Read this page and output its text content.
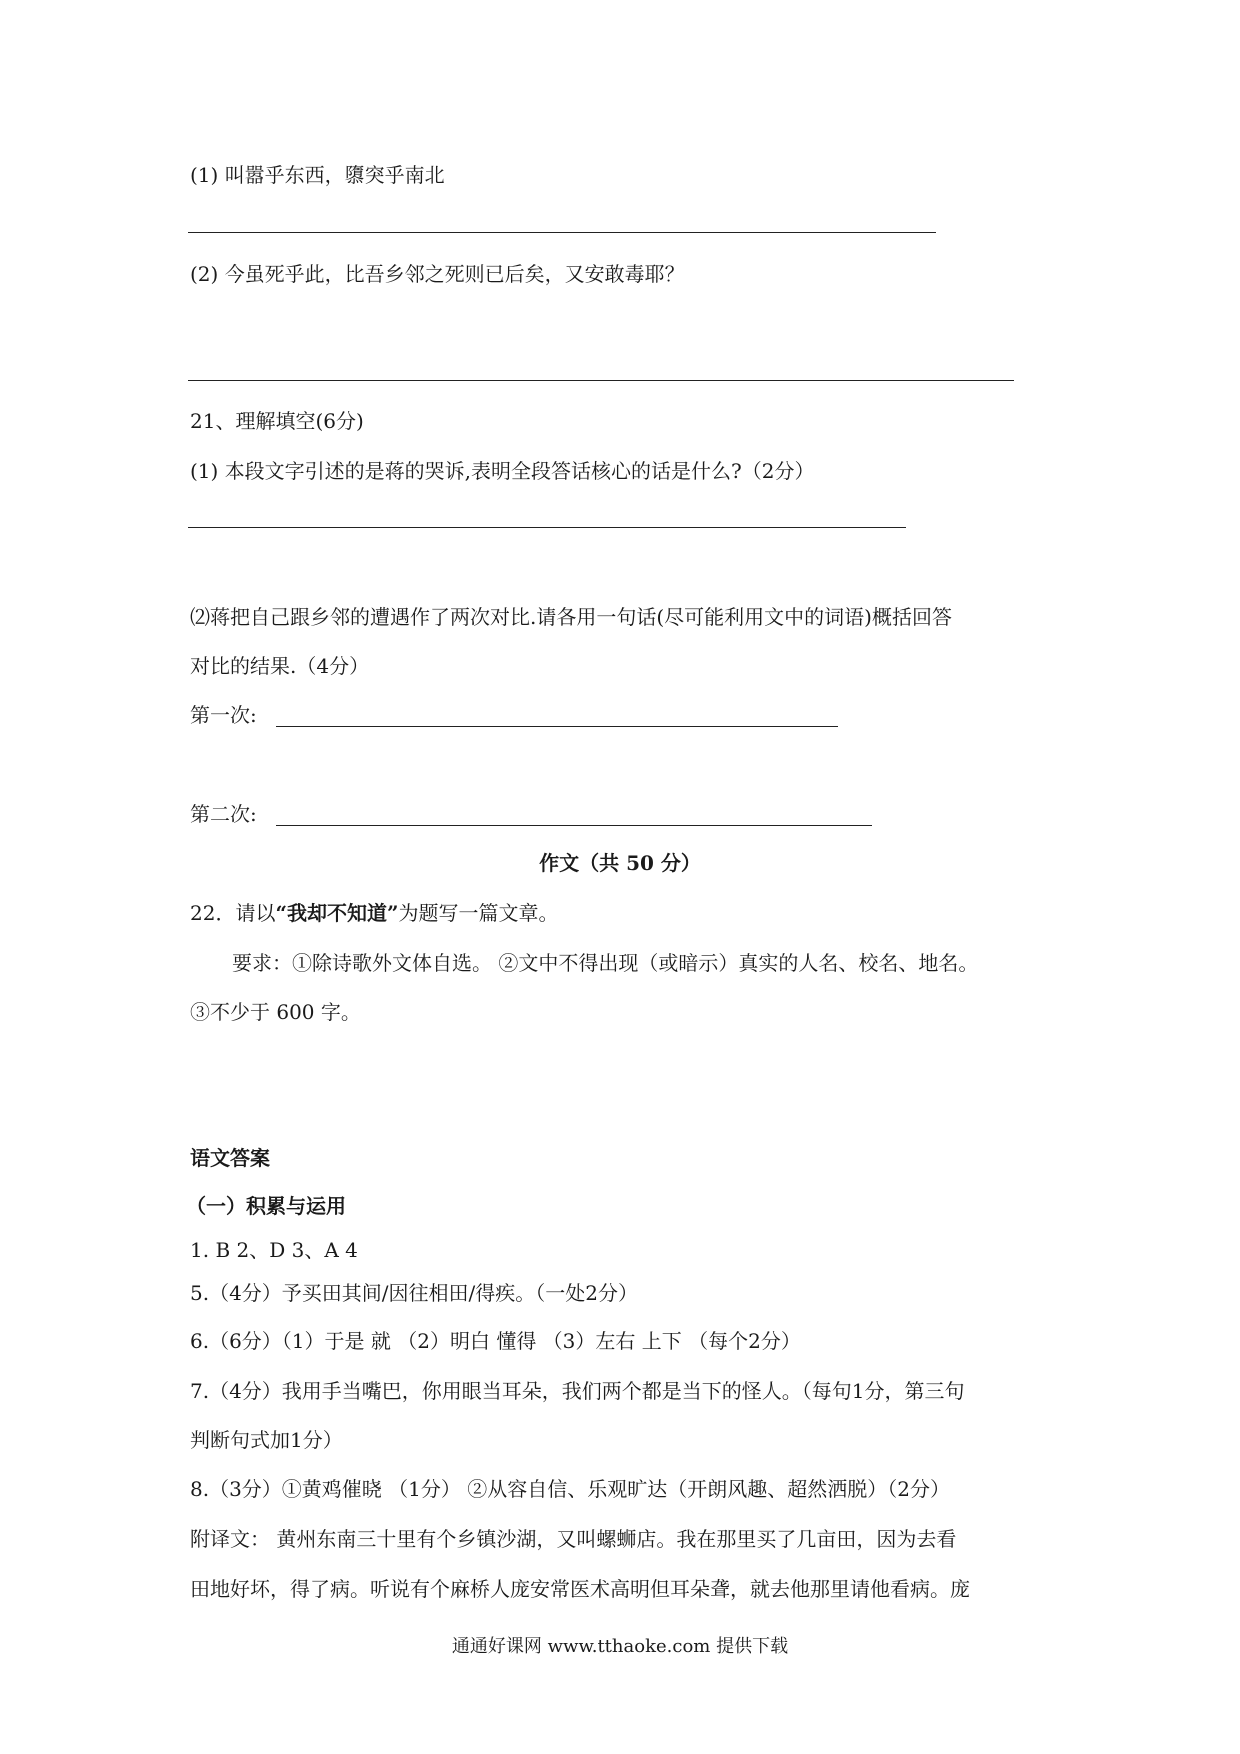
(1) 叫嚣乎东西，隳突乎南北
(2) 今虽死乎此，比吾乡邻之死则已后矣，又安敢毒耶？
21、理解填空(6分)
(1) 本段文字引述的是蒋的哭诉,表明全段答话核心的话是什么?（2分）
⑵蒋把自己跟乡邻的遭遇作了两次对比.请各用一句话(尽可能利用文中的词语)概括回答
对比的结果.（4分）
第一次:
第二次:
作文（共 50 分）
22．请以“我却不知道”为题写一篇文章。
要求：①除诗歌外文体自选。 ②文中不得出现（或暗示）真实的人名、校名、地名。
③不少于 600 字。
语文答案
（一）积累与运用
1. B 2、D 3、A 4
5.（4分）予买田其间/因往相田/得疾。（一处2分）
6.（6分）（1）于是 就 （2）明白 懂得 （3）左右 上下 （每个2分）
7.（4分）我用手当嘴巴，你用眼当耳朵，我们两个都是当下的怪人。（每句1分，第三句
判断句式加1分）
8.（3分）①黄鸡催晓 （1分） ②从容自信、乐观旷达（开朗风趣、超然洒脱）（2分）
附译文： 黄州东南三十里有个乡镇沙湖，又叫螺蛳店。我在那里买了几亩田，因为去看
田地好坏，得了病。听说有个麻桥人庞安常医术高明但耳朵聋，就去他那里请他看病。庞
通通好课网 www.tthaoke.com 提供下载
